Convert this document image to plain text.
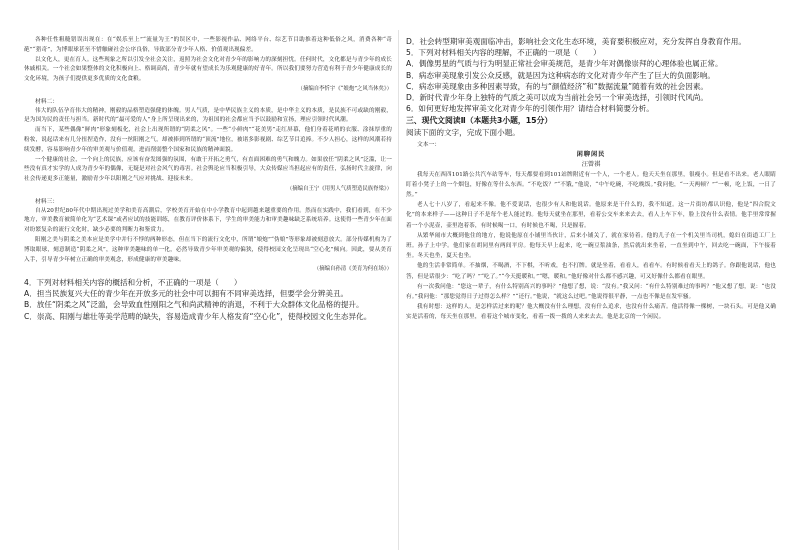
各种任性粗糙错误出现在：在“娱乐至上”“流量为王”的误区中，一些影视作品、网络平台、综艺节目助推着这种低俗之风，消费各种“奇葩”“猎奇”，为博眼球甚至不惜触碰社会公序良俗，导致部分青少年人格、价值观出现偏差。

以文化人，更在育人。这些现象之所以引发全社会关注，返照为社会文化对青少年的影响力的深刻担忧。任何时代，文化都是与青少年的成长休戚相关。一个社会如果整体的文化积极向上、格调高尚，青少年就有望成长为乐观健康的好青年。所以我们要努力营造有利于青少年健康成长的文化环境，为孩子们提供更多优质的文化食粮。

（摘编自李忻宇《“娘炮”之风当休矣》）

材料二：

伟大的队伍孕育伟大的精神，刚毅的品格塑造强健的体魄。男人气质，是中华民族主义的本质，是中华主义的本质，是民族不可或缺的刚毅，是为国为民的责任与担当。新时代的“最可爱的人”身上所呈现出来的，为祖国的社会都应当予以鼓励和宣扬，理应引领时代风潮。

而当下，某些偶像“鲜肉”形象刻板化，社会上出现所谓的“阴柔之风”。一些“小鲜肉”“花美男”走红屏幕，他们身着花哨的衣服、涂抹厚重的粉妆，说起话来有几分扭捏造作，没有一丝阳刚之气，却被捧到所谓的“顶流”地位，被诸多影视剧、综艺节目追捧。不少人担心，这样的风潮若持续发酵，容易影响青少年的审美观与价值观，进而削弱整个国家和民族的精神面貌。

一个健康的社会，一个向上的民族，应该有奋发图强的氛围，有敢于开拓之勇气，有直面困难的勇气和魄力。如果放任“阴柔之风”泛滥，让一些没有真才实学的人成为青少年的偶像，无疑是对社会风气的毒害。社会舆论应当积极引导，大众传媒应当担起应有的责任，弘扬时代主旋律，向社会传递更多正能量，激励青少年以阳刚之气应对挑战、迎接未来。

（摘编自王宁《用男人气质塑造民族脊梁》）

材料三：

自从20世纪80年代中期出现过美学和美育高潮后，学校美育开始在中小学教育中起到越来越重要的作用。然而在实践中，我们看到，在不少地方，审美教育被简单化为“艺术课”或者应试的技能训练，在教育评价体系下，学生的审美能力和审美趣味缺乏系统培养。这使得一些青少年在面对纷繁复杂的流行文化时，缺少必要的判断力和鉴赏力。

阳刚之美与阴柔之美本应是美学中并行不悖的两种形态，但在当下的流行文化中，所谓“娘炮”“伪娘”等形象却被刻意放大。部分传媒机构为了博取眼球，刻意制造“阴柔之风”，这种审美趣味的单一化，必然导致青少年审美观的偏狭，使得校园文化呈现出“空心化”倾向。因此，要从美育入手，引导青少年树立正确的审美观念，形成健康的审美趣味。

（摘编自孙清《美育为何在场》）

4．下列对材料相关内容的概括和分析，不正确的一项是（　　）

A．担当民族复兴大任的青少年在开放多元的社会中可以拥有不同审美选择，但要学会分辨美丑。

B．放任“阴柔之风”泛滥，会导致血性刚阳之气和尚武精神的消退，不利于大众群体文化品格的提升。

C．崇高、阳刚与雄壮等美学范畴的缺失，容易造成青少年人格发育“空心化”，使得校园文化生态异化。

D．社会转型期审美观面临冲击，影响社会文化生态环境，美育要积极应对，充分发挥自身教育作用。

5．下列对材料相关内容的理解，不正确的一项是（　　）

A．偶像男星的气质与行为明显正常社会审美规范，是青少年对偶像崇拜的心理体验也属正常。

B．病态审美现象引发公众反感，就是因为这种病态的文化对青少年产生了巨大的负面影响。

C．病态审美现象由多种因素导致，有的与“颜值经济”和“数据流量”随着有效的社会因素。

D．新时代青少年身上独特的气质之美可以成为当前社会另一个审美选择，引领时代风尚。

6．如何更好地发挥审美文化对青少年的引领作用？请结合材料简要分析。

三、现代文阅读Ⅱ（本题共3小题，15分）

阅读下面的文字，完成下面小题。

文本一：

闲聊闲民

汪曾祺

我每天在西四101路公共汽车站等车，每天都要看到101站牌附近有一个人，一个老人。他天天坐在那里，很瘦小。但是看不出来。老人眼睛盯着小凳子上的一个烟包，好像在等什么东西。“不吃饭？”“不饿，”他说，“中午吃碗，不吃晚饭。”我问他，“一天两顿？”“一顿，吃上饭，一日了然。”

老人七十八岁了，看起来不像。他不爱说话，也很少有人和他说话。他原来是干什么的，我不知道。这一片街坊都认识他，他是“四合院文化”的本来样子——这种日子不是每个老人能过的。他每天就坐在那里，看着公交车来来去去，看人上车下车，脸上没有什么表情。他手里常常握着一个小泥壶，壶里泡着茶，有时候喝一口，有时候也不喝，只是握着。

从繁华闹市大概到他住的地方，他说他原在小铺里当伙计，后来小铺关了，就在家待着。他的儿子在一个机关里当司机，媳妇在街道工厂上班。孙子上中学。他们家在胡同里有两间平房。他每天早上起来，吃一碗豆浆油条，然后就出来坐着，一直坐到中午，回去吃一碗面，下午接着坐。冬天也坐，夏天也坐。

他的生活非常简单。不抽烟，不喝酒，不下棋，不听戏，也不打牌。就是坐着，看看人，看看车。有时候看看天上的鸽子。你跟他说话，他也答，但是话很少：“吃了吗？”“吃了。”“今天挺暖和。”“嗯，暖和。”他好像对什么都不感兴趣，可又好像什么都看在眼里。

有一次我问他：“您这一辈子，有什么特别高兴的事吗？”他想了想，说：“没有。”我又问：“有什么特别难过的事吗？”他又想了想，说：“也没有。”我问他：“那您觉得日子过得怎么样？”“还行。”他说，“就这么过吧。”他说得很平静，一点也不像是在发牢骚。

我有时想：这样的人，是怎样活过来的呢？他大概没有什么理想，没有什么追求，也没有什么痛苦。他活得像一棵树，一块石头。可是他又确实是活着的，每天坐在那里，看着这个城市变化，看着一拨一拨的人来来去去。他是北京的一个闲民。
